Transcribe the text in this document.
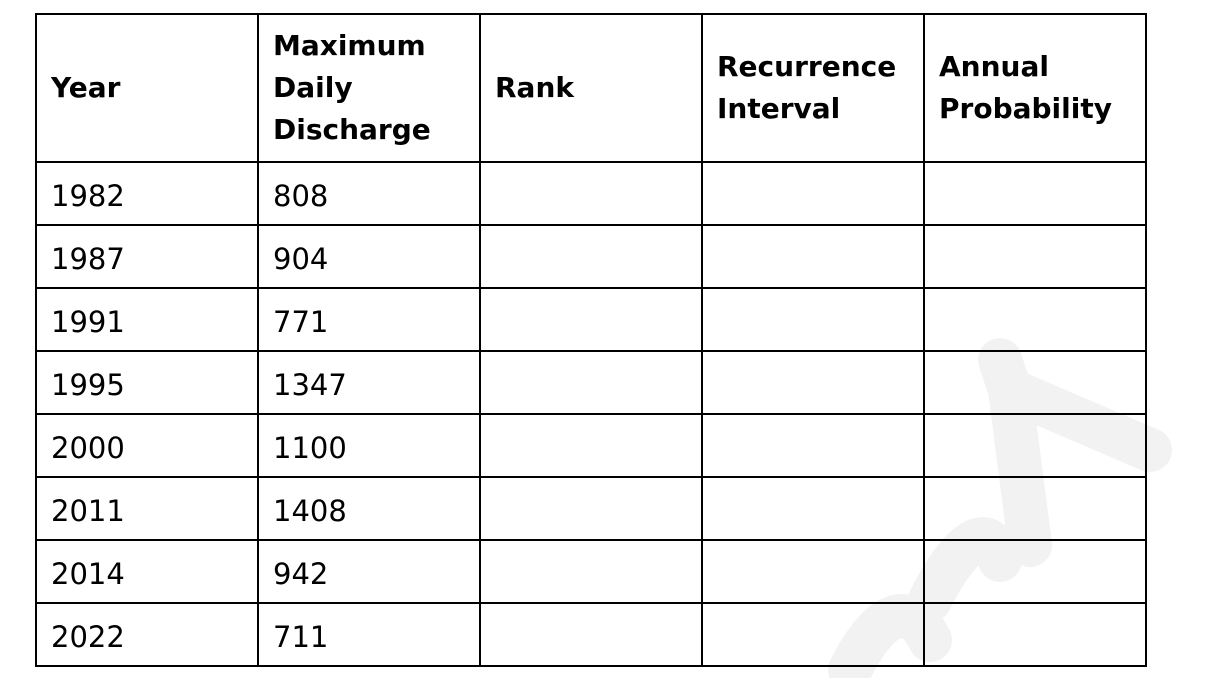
Year	Maximum Daily Discharge	Rank	Recurrence Interval	Annual Probability
1982	808			
1987	904			
1991	771			
1995	1347			
2000	1100			
2011	1408			
2014	942			
2022	711			
